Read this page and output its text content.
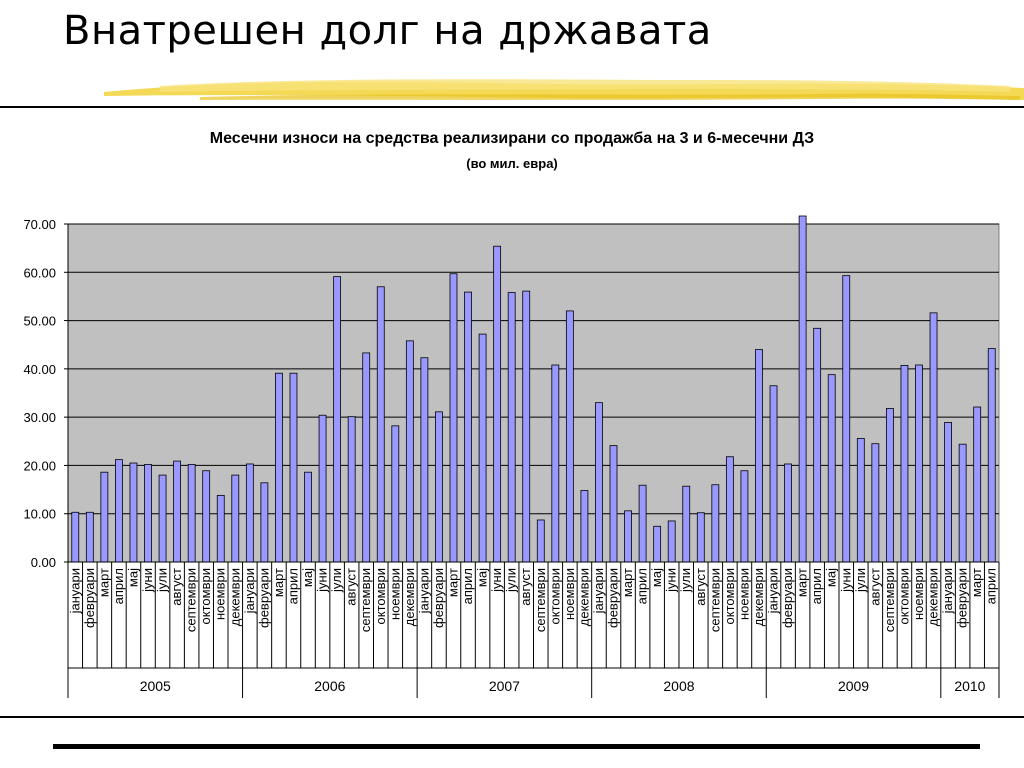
Внатрешен долг на државата
Месечни износи на средства реализирани со продажба на 3 и 6-месечни ДЗ
(во мил. евра)
0.00
10.00
20.00
30.00
40.00
50.00
60.00
70.00
јануари февруари март април мај јуни јули август септември октомври ноември декември јануари февруари март април мај јуни јули август септември октомври ноември декември јануари февруари март април мај јуни јули август септември октомври ноември декември јануари февруари март април мај јуни јули август септември октомври ноември декември јануари февруари март април мај јуни јули август септември октомври ноември декември јануари февруари март април
2005	2006	2007	2008	2009	2010
